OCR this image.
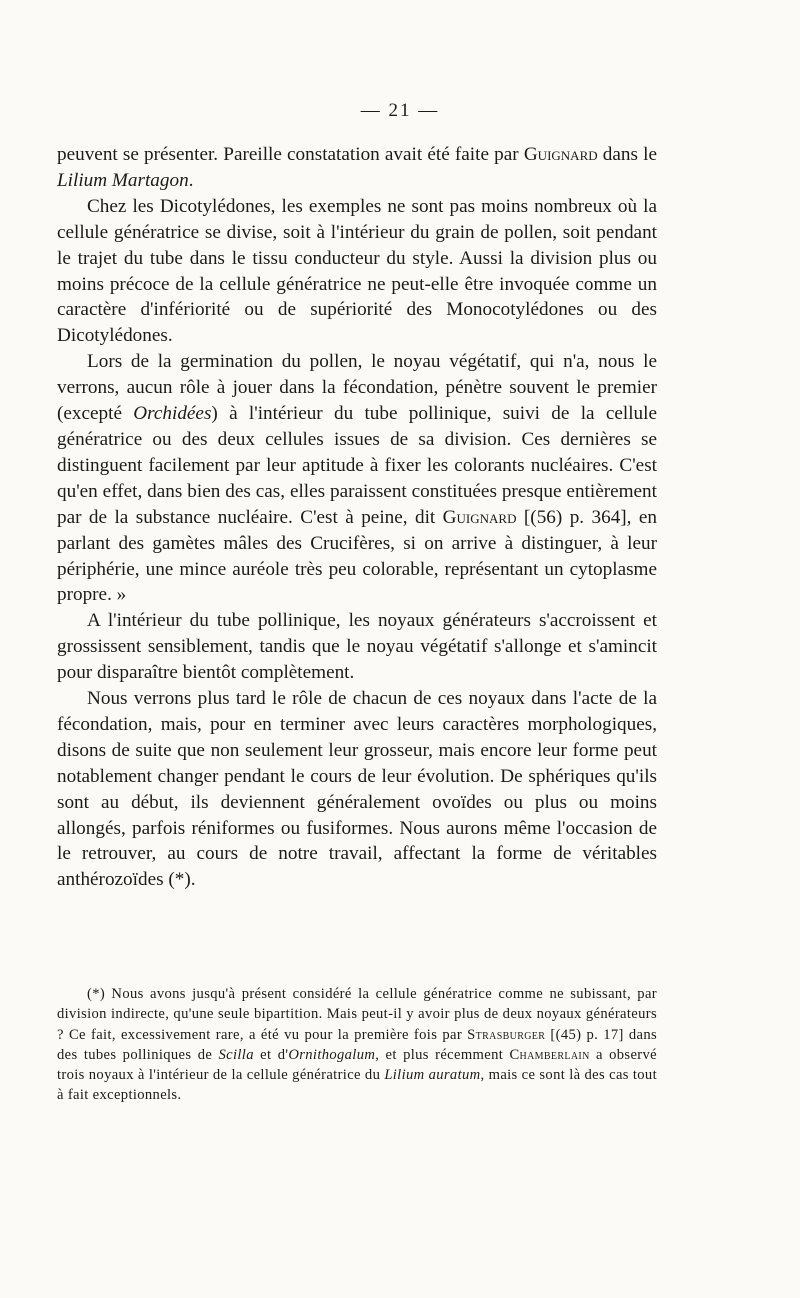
— 21 —

peuvent se présenter. Pareille constatation avait été faite par Guignard dans le Lilium Martagon.

Chez les Dicotylédones, les exemples ne sont pas moins nombreux où la cellule génératrice se divise, soit à l'intérieur du grain de pollen, soit pendant le trajet du tube dans le tissu conducteur du style. Aussi la division plus ou moins précoce de la cellule génératrice ne peut-elle être invoquée comme un caractère d'infériorité ou de supériorité des Monocotylédones ou des Dicotylédones.

Lors de la germination du pollen, le noyau végétatif, qui n'a, nous le verrons, aucun rôle à jouer dans la fécondation, pénètre souvent le premier (excepté Orchidées) à l'intérieur du tube pollinique, suivi de la cellule génératrice ou des deux cellules issues de sa division. Ces dernières se distinguent facilement par leur aptitude à fixer les colorants nucléaires. C'est qu'en effet, dans bien des cas, elles paraissent constituées presque entièrement par de la substance nucléaire. C'est à peine, dit Guignard [(56) p. 364], en parlant des gamètes mâles des Crucifères, si on arrive à distinguer, à leur périphérie, une mince auréole très peu colorable, représentant un cytoplasme propre. »

A l'intérieur du tube pollinique, les noyaux générateurs s'accroissent et grossissent sensiblement, tandis que le noyau végétatif s'allonge et s'amincit pour disparaître bientôt complètement.

Nous verrons plus tard le rôle de chacun de ces noyaux dans l'acte de la fécondation, mais, pour en terminer avec leurs caractères morphologiques, disons de suite que non seulement leur grosseur, mais encore leur forme peut notablement changer pendant le cours de leur évolution. De sphériques qu'ils sont au début, ils deviennent généralement ovoïdes ou plus ou moins allongés, parfois réniformes ou fusiformes. Nous aurons même l'occasion de le retrouver, au cours de notre travail, affectant la forme de véritables anthérozoïdes (*).

(*) Nous avons jusqu'à présent considéré la cellule génératrice comme ne subissant, par division indirecte, qu'une seule bipartition. Mais peut-il y avoir plus de deux noyaux générateurs ? Ce fait, excessivement rare, a été vu pour la première fois par Strasburger [(45) p. 17] dans des tubes polliniques de Scilla et d'Ornithogalum, et plus récemment Chamberlain a observé trois noyaux à l'intérieur de la cellule génératrice du Lilium auratum, mais ce sont là des cas tout à fait exceptionnels.
